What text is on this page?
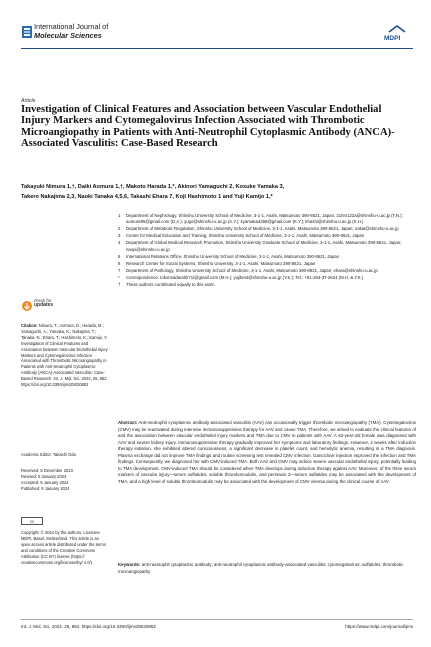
International Journal of
Molecular Sciences	MDPI
Article
Investigation of Clinical Features and Association between Vascular Endothelial Injury Markers and Cytomegalovirus Infection Associated with Thrombotic Microangiopathy in Patients with Anti-Neutrophil Cytoplasmic Antibody (ANCA)-Associated Vasculitis: Case-Based Research
Takayuki Nimura 1,†, Daiki Aomura 1,†, Makoto Harada 1,*, Akinori Yamaguchi 2, Kosuke Yamaka 3,
Takero Nakajima 2,3, Naoki Tanaka 4,5,6, Takashi Ehara 7, Koji Hashimoto 1 and Yuji Kamijo 1,*
1	Department of Nephrology, Shinshu University School of Medicine, 3-1-1, Asahi, Matsumoto 390-8621, Japan; 21hm122a@shinshu-u.ac.jp (T.N.); aomura95@gmail.com (D.A.); yugo@shinshu-u.ac.jp (A.Y.); kyamaka4258@gmail.com (K.Y.); khashi@shinshu-u.ac.jp (K.H.)
2	Department of Metabolic Regulation, Shinshu University School of Medicine, 3-1-1, Asahi, Matsumoto 390-8621, Japan; nakat@shinshu-u.ac.jp
3	Center for Medical Education and Training, Shinshu University School of Medicine, 3-1-1, Asahi, Matsumoto 390-8621, Japan
4	Department of Global Medical Research Promotion, Shinshu University Graduate School of Medicine, 3-1-1, Asahi, Matsumoto 390-8621, Japan; naopi@shinshu-u.ac.jp
5	International Relations Office, Shinshu University School of Medicine, 3-1-1, Asahi, Matsumoto 390-8621, Japan
6	Research Center for Social Systems, Shinshu University, 3-1-1, Asahi, Matsumoto 390-8621, Japan
7	Department of Pathology, Shinshu University School of Medicine, 3-1-1, Asahi, Matsumoto 390-8621, Japan; ehara@shinshu-u.ac.jp
*	Correspondence: tokonsadarahk71i@gmail.com (M.H.); yujibest@shinshu-u.ac.jp (Y.K.); Tel.: +81-263-37-2634 (M.H. & Y.K.)
†	These authors contributed equally to this work.
Abstract: Anti-neutrophil cytoplasmic antibody-associated vasculitis (AAV) can occasionally trigger thrombotic microangiopathy (TMA). Cytomegalovirus (CMV) may be reactivated during intensive immunosuppressive therapy for AAV and cause TMA. Therefore, we aimed to evaluate the clinical features of and the association between vascular endothelial injury markers and TMA due to CMV in patients with AAV. A 63-year-old female was diagnosed with AAV and severe kidney injury. Immunosuppressive therapy gradually improved her symptoms and laboratory findings. However, 2 weeks after induction therapy initiation, she exhibited altered consciousness, a significant decrease in platelet count, and hemolytic anemia, resulting in a TMA diagnosis. Plasma exchange did not improve TMA findings and routine screening test revealed CMV infection. Ganciclovir injection improved the infection and TMA findings. Consequently, we diagnosed her with CMV-induced TMA. Both AAV and CMV may induce severe vascular endothelial injury, potentially leading to TMA development. CMV-induced TMA should be considered when TMA develops during induction therapy against AAV. Moreover, of the three serum markers of vascular injury—serum sulfatides, soluble thrombomodulin, and pentraxin 3—serum sulfatides may be associated with the development of TMA, and a high level of soluble thrombomodulin may be associated with the development of CMV viremia during the clinical course of AAV.
Keywords: anti-neutrophil cytoplasmic antibody; anti-neutrophil cytoplasmic antibody-associated vasculitis; cytomegalovirus; sulfatides; thrombotic microangiopathy
check for
updates
Citation: Nimura, T.; Aomura, D.; Harada, M.; Yamaguchi, A.; Yamaka, K.; Nakajima, T.; Tanaka, N.; Ehara, T.; Hashimoto, K.; Kamijo, Y. Investigation of Clinical Features and Association between Vascular Endothelial Injury Markers and Cytomegalovirus Infection Associated with Thrombotic Microangiopathy in Patients with Anti-Neutrophil Cytoplasmic Antibody (ANCA)-Associated Vasculitis: Case-Based Research. Int. J. Mol. Sci. 2024, 25, 852. https://doi.org/10.3390/ijms25020852
Academic Editor: Takashi Oda
Received: 5 December 2023
Revised: 5 January 2024
Accepted: 5 January 2024
Published: 9 January 2024
cc
Copyright: © 2024 by the authors. Licensee MDPI, Basel, Switzerland. This article is an open access article distributed under the terms and conditions of the Creative Commons Attribution (CC BY) license (https:// creativecommons.org/licenses/by/ 4.0/).
Int. J. Mol. Sci. 2024, 25, 852. https://doi.org/10.3390/ijms25020852	https://www.mdpi.com/journal/ijms
